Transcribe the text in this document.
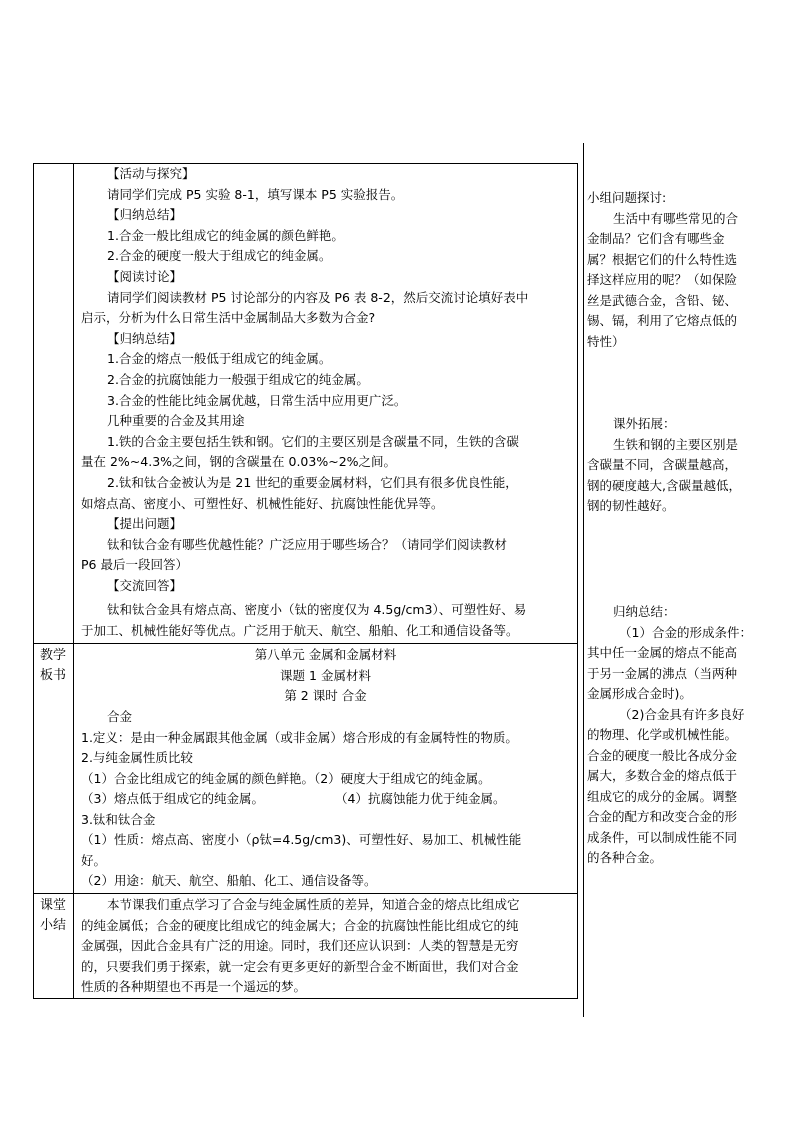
【活动与探究】
请同学们完成 P5 实验 8-1，填写课本 P5 实验报告。
【归纳总结】
1.合金一般比组成它的纯金属的颜色鲜艳。
2.合金的硬度一般大于组成它的纯金属。
【阅读讨论】
请同学们阅读教材 P5 讨论部分的内容及 P6 表 8-2，然后交流讨论填好表中
启示，分析为什么日常生活中金属制品大多数为合金?
【归纳总结】
1.合金的熔点一般低于组成它的纯金属。
2.合金的抗腐蚀能力一般强于组成它的纯金属。
3.合金的性能比纯金属优越，日常生活中应用更广泛。
几种重要的合金及其用途
1.铁的合金主要包括生铁和钢。它们的主要区别是含碳量不同，生铁的含碳
量在 2%~4.3%之间，钢的含碳量在 0.03%~2%之间。
2.钛和钛合金被认为是 21 世纪的重要金属材料，它们具有很多优良性能，
如熔点高、密度小、可塑性好、机械性能好、抗腐蚀性能优异等。
【提出问题】
钛和钛合金有哪些优越性能？广泛应用于哪些场合？（请同学们阅读教材
P6 最后一段回答）
【交流回答】
钛和钛合金具有熔点高、密度小（钛的密度仅为 4.5g/cm3）、可塑性好、易
于加工、机械性能好等优点。广泛用于航天、航空、船舶、化工和通信设备等。
教学
板书
第八单元 金属和金属材料
课题 1 金属材料
第 2 课时 合金
合金
1.定义：是由一种金属跟其他金属（或非金属）熔合形成的有金属特性的物质。
2.与纯金属性质比较
（1）合金比组成它的纯金属的颜色鲜艳。（2）硬度大于组成它的纯金属。
（3）熔点低于组成它的纯金属。	（4）抗腐蚀能力优于纯金属。
3.钛和钛合金
（1）性质：熔点高、密度小（ρ钛=4.5g/cm3)、可塑性好、易加工、机械性能
好。
（2）用途：航天、航空、船舶、化工、通信设备等。
课堂
小结
本节课我们重点学习了合金与纯金属性质的差异，知道合金的熔点比组成它
的纯金属低；合金的硬度比组成它的纯金属大；合金的抗腐蚀性能比组成它的纯
金属强，因此合金具有广泛的用途。同时，我们还应认识到：人类的智慧是无穷
的，只要我们勇于探索，就一定会有更多更好的新型合金不断面世，我们对合金
性质的各种期望也不再是一个遥远的梦。

小组问题探讨:

生活中有哪些常见的合

金制品？它们含有哪些金

属？根据它们的什么特性选

择这样应用的呢？（如保险

丝是武德合金，含铅、铋、

锡、镉，利用了它熔点低的

特性）

课外拓展：

生铁和钢的主要区别是

含碳量不同，含碳量越高，

钢的硬度越大,含碳量越低，

钢的韧性越好。

归纳总结：

（1）合金的形成条件：

其中任一金属的熔点不能高

于另一金属的沸点（当两种

金属形成合金时)。

（2)合金具有许多良好

的物理、化学或机械性能。

合金的硬度一般比各成分金

属大，多数合金的熔点低于

组成它的成分的金属。调整

合金的配方和改变合金的形

成条件，可以制成性能不同

的各种合金。
